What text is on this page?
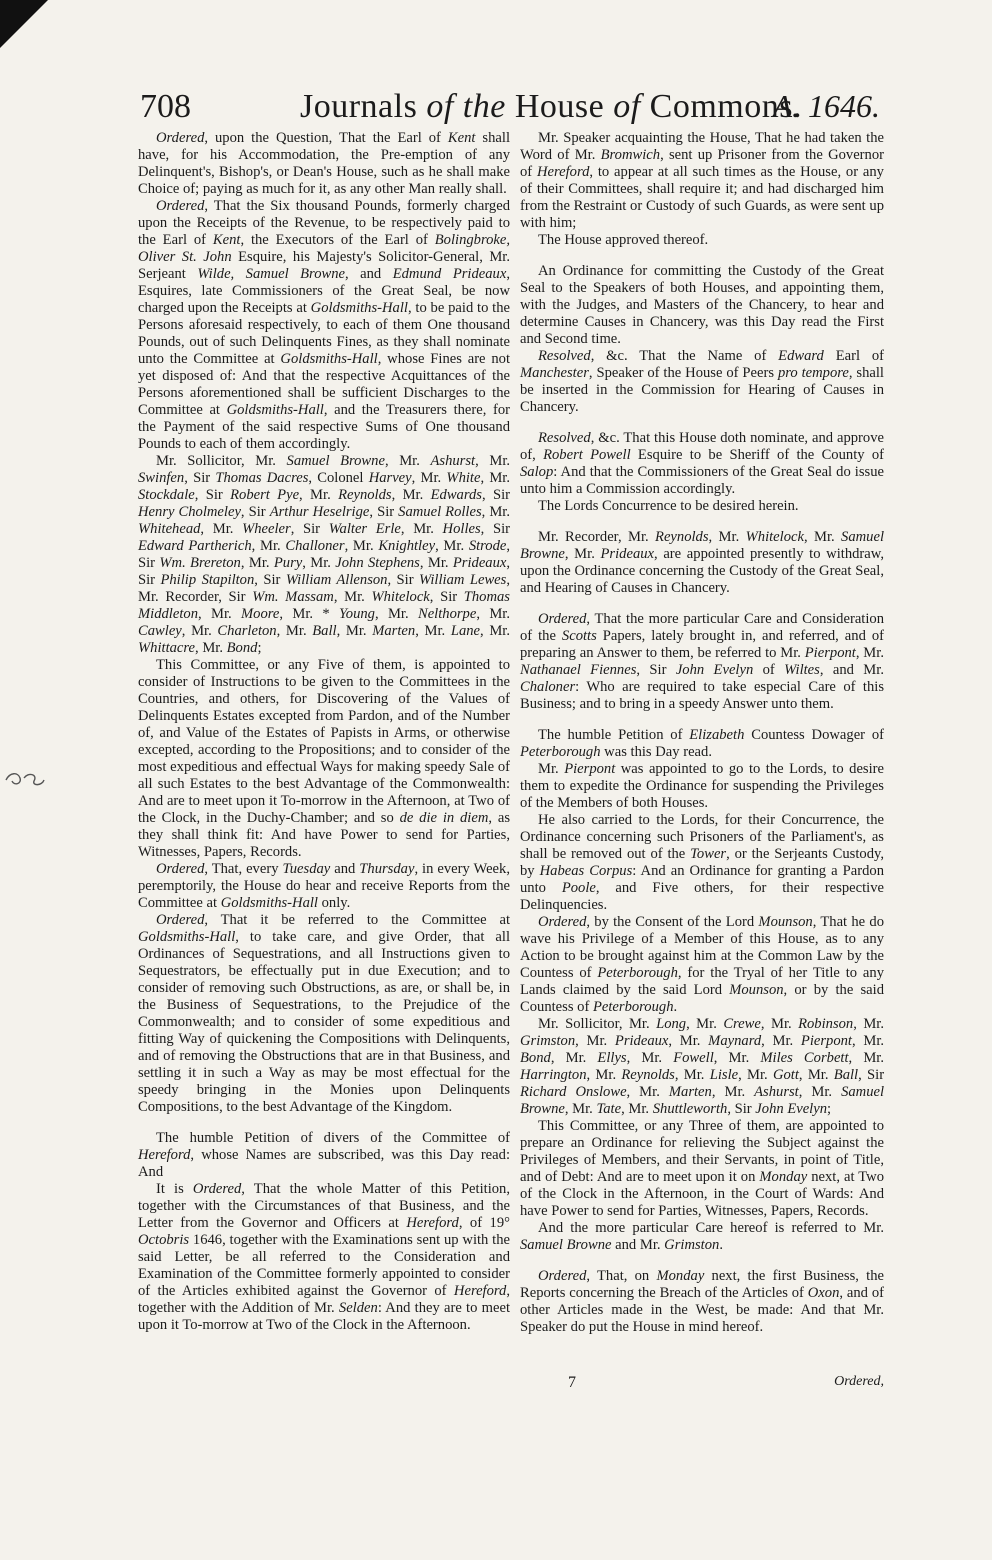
708	Journals of the House of Commons.
A. 1646.

Ordered, upon the Question, That the Earl of Kent shall have, for his Accommodation, the Pre-emption of any Delinquent's, Bishop's, or Dean's House, such as he shall make Choice of; paying as much for it, as any other Man really shall.

Ordered, That the Six thousand Pounds, formerly charged upon the Receipts of the Revenue, to be respectively paid to the Earl of Kent, the Executors of the Earl of Bolingbroke, Oliver St. John Esquire, his Majesty's Solicitor-General, Mr. Serjeant Wilde, Samuel Browne, and Edmund Prideaux, Esquires, late Commissioners of the Great Seal, be now charged upon the Receipts at Goldsmiths-Hall, to be paid to the Persons aforesaid respectively, to each of them One thousand Pounds, out of such Delinquents Fines, as they shall nominate unto the Committee at Goldsmiths-Hall, whose Fines are not yet disposed of: And that the respective Acquittances of the Persons aforementioned shall be sufficient Discharges to the Committee at Goldsmiths-Hall, and the Treasurers there, for the Payment of the said respective Sums of One thousand Pounds to each of them accordingly.

Mr. Sollicitor, Mr. Samuel Browne, Mr. Ashurst, Mr. Swinfen, Sir Thomas Dacres, Colonel Harvey, Mr. White, Mr. Stockdale, Sir Robert Pye, Mr. Reynolds, Mr. Edwards, Sir Henry Cholmeley, Sir Arthur Heselrige, Sir Samuel Rolles, Mr. Whitehead, Mr. Wheeler, Sir Walter Erle, Mr. Holles, Sir Edward Partherich, Mr. Challoner, Mr. Knightley, Mr. Strode, Sir Wm. Brereton, Mr. Pury, Mr. John Stephens, Mr. Prideaux, Sir Philip Stapilton, Sir William Allenson, Sir William Lewes, Mr. Recorder, Sir Wm. Massam, Mr. Whitelock, Sir Thomas Middleton, Mr. Moore, Mr. * Young, Mr. Nelthorpe, Mr. Cawley, Mr. Charleton, Mr. Ball, Mr. Marten, Mr. Lane, Mr. Whittacre, Mr. Bond;

This Committee, or any Five of them, is appointed to consider of Instructions to be given to the Committees in the Countries, and others, for Discovering of the Values of Delinquents Estates excepted from Pardon, and of the Number of, and Value of the Estates of Papists in Arms, or otherwise excepted, according to the Propositions; and to consider of the most expeditious and effectual Ways for making speedy Sale of all such Estates to the best Advantage of the Commonwealth: And are to meet upon it To-morrow in the Afternoon, at Two of the Clock, in the Duchy-Chamber; and so de die in diem, as they shall think fit: And have Power to send for Parties, Witnesses, Papers, Records.

Ordered, That, every Tuesday and Thursday, in every Week, peremptorily, the House do hear and receive Reports from the Committee at Goldsmiths-Hall only.

Ordered, That it be referred to the Committee at Goldsmiths-Hall, to take care, and give Order, that all Ordinances of Sequestrations, and all Instructions given to Sequestrators, be effectually put in due Execution; and to consider of removing such Obstructions, as are, or shall be, in the Business of Sequestrations, to the Prejudice of the Commonwealth; and to consider of some expeditious and fitting Way of quickening the Compositions with Delinquents, and of removing the Obstructions that are in that Business, and settling it in such a Way as may be most effectual for the speedy bringing in the Monies upon Delinquents Compositions, to the best Advantage of the Kingdom.

The humble Petition of divers of the Committee of Hereford, whose Names are subscribed, was this Day read: And

It is Ordered, That the whole Matter of this Petition, together with the Circumstances of that Business, and the Letter from the Governor and Officers at Hereford, of 19° Octobris 1646, together with the Examinations sent up with the said Letter, be all referred to the Consideration and Examination of the Committee formerly appointed to consider of the Articles exhibited against the Governor of Hereford, together with the Addition of Mr. Selden: And they are to meet upon it To-morrow at Two of the Clock in the Afternoon.

Mr. Speaker acquainting the House, That he had taken the Word of Mr. Bromwich, sent up Prisoner from the Governor of Hereford, to appear at all such times as the House, or any of their Committees, shall require it; and had discharged him from the Restraint or Custody of such Guards, as were sent up with him;

The House approved thereof.

An Ordinance for committing the Custody of the Great Seal to the Speakers of both Houses, and appointing them, with the Judges, and Masters of the Chancery, to hear and determine Causes in Chancery, was this Day read the First and Second time.

Resolved, &c. That the Name of Edward Earl of Manchester, Speaker of the House of Peers pro tempore, shall be inserted in the Commission for Hearing of Causes in Chancery.

Resolved, &c. That this House doth nominate, and approve of, Robert Powell Esquire to be Sheriff of the County of Salop: And that the Commissioners of the Great Seal do issue unto him a Commission accordingly.

The Lords Concurrence to be desired herein.

Mr. Recorder, Mr. Reynolds, Mr. Whitelock, Mr. Samuel Browne, Mr. Prideaux, are appointed presently to withdraw, upon the Ordinance concerning the Custody of the Great Seal, and Hearing of Causes in Chancery.

Ordered, That the more particular Care and Consideration of the Scotts Papers, lately brought in, and referred, and of preparing an Answer to them, be referred to Mr. Pierpont, Mr. Nathanael Fiennes, Sir John Evelyn of Wiltes, and Mr. Chaloner: Who are required to take especial Care of this Business; and to bring in a speedy Answer unto them.

The humble Petition of Elizabeth Countess Dowager of Peterborough was this Day read.

Mr. Pierpont was appointed to go to the Lords, to desire them to expedite the Ordinance for suspending the Privileges of the Members of both Houses.

He also carried to the Lords, for their Concurrence, the Ordinance concerning such Prisoners of the Parliament's, as shall be removed out of the Tower, or the Serjeants Custody, by Habeas Corpus: And an Ordinance for granting a Pardon unto Poole, and Five others, for their respective Delinquencies.

Ordered, by the Consent of the Lord Mounson, That he do wave his Privilege of a Member of this House, as to any Action to be brought against him at the Common Law by the Countess of Peterborough, for the Tryal of her Title to any Lands claimed by the said Lord Mounson, or by the said Countess of Peterborough.

Mr. Sollicitor, Mr. Long, Mr. Crewe, Mr. Robinson, Mr. Grimston, Mr. Prideaux, Mr. Maynard, Mr. Pierpont, Mr. Bond, Mr. Ellys, Mr. Fowell, Mr. Miles Corbett, Mr. Harrington, Mr. Reynolds, Mr. Lisle, Mr. Gott, Mr. Ball, Sir Richard Onslowe, Mr. Marten, Mr. Ashurst, Mr. Samuel Browne, Mr. Tate, Mr. Shuttleworth, Sir John Evelyn;

This Committee, or any Three of them, are appointed to prepare an Ordinance for relieving the Subject against the Privileges of Members, and their Servants, in point of Title, and of Debt: And are to meet upon it on Monday next, at Two of the Clock in the Afternoon, in the Court of Wards: And have Power to send for Parties, Witnesses, Papers, Records.

And the more particular Care hereof is referred to Mr. Samuel Browne and Mr. Grimston.

Ordered, That, on Monday next, the first Business, the Reports concerning the Breach of the Articles of Oxon, and of other Articles made in the West, be made: And that Mr. Speaker do put the House in mind hereof.

7	Ordered,
